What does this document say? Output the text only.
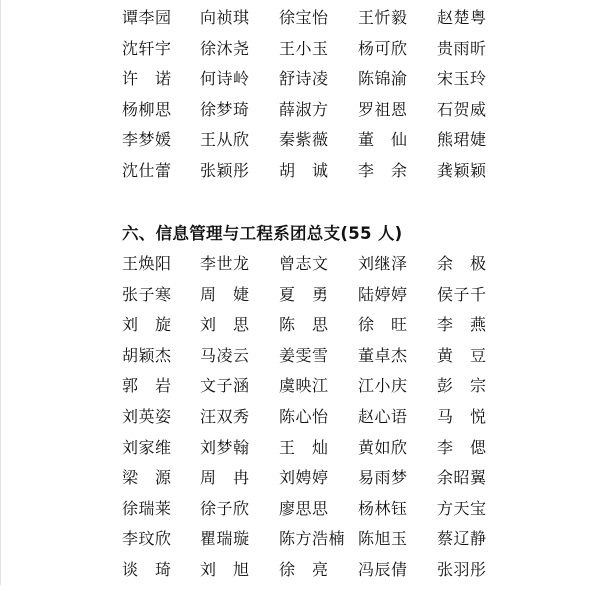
谭李园 向祯琪 徐宝怡 王忻毅 赵楚粤
沈轩宇 徐沐尧 王小玉 杨可欣 贵雨昕
许　诺 何诗岭 舒诗凌 陈锦渝 宋玉玲
杨柳思 徐梦琦 薛淑方 罗祖恩 石贺威
李梦媛 王从欣 秦紫薇 董　仙 熊珺婕
沈仕蕾 张颖彤 胡　诚 李　余 龚颖颖
六、信息管理与工程系团总支(55 人)
王焕阳 李世龙 曾志文 刘继泽 余　极
张子寒 周　婕 夏　勇 陆婷婷 侯子千
刘　旋 刘　思 陈　思 徐　旺 李　燕
胡颖杰 马凌云 姜雯雪 董卓杰 黄　豆
郭　岩 文子涵 虞映江 江小庆 彭　宗
刘英姿 汪双秀 陈心怡 赵心语 马　悦
刘家维 刘梦翰 王　灿 黄如欣 李　偲
梁　源 周　冉 刘娉婷 易雨梦 余昭翼
徐瑞莱 徐子欣 廖思思 杨林钰 方天宝
李玟欣 瞿瑞璇 陈方浩楠 陈旭玉 蔡辽静
谈　琦 刘　旭 徐　亮 冯辰倩 张羽彤
